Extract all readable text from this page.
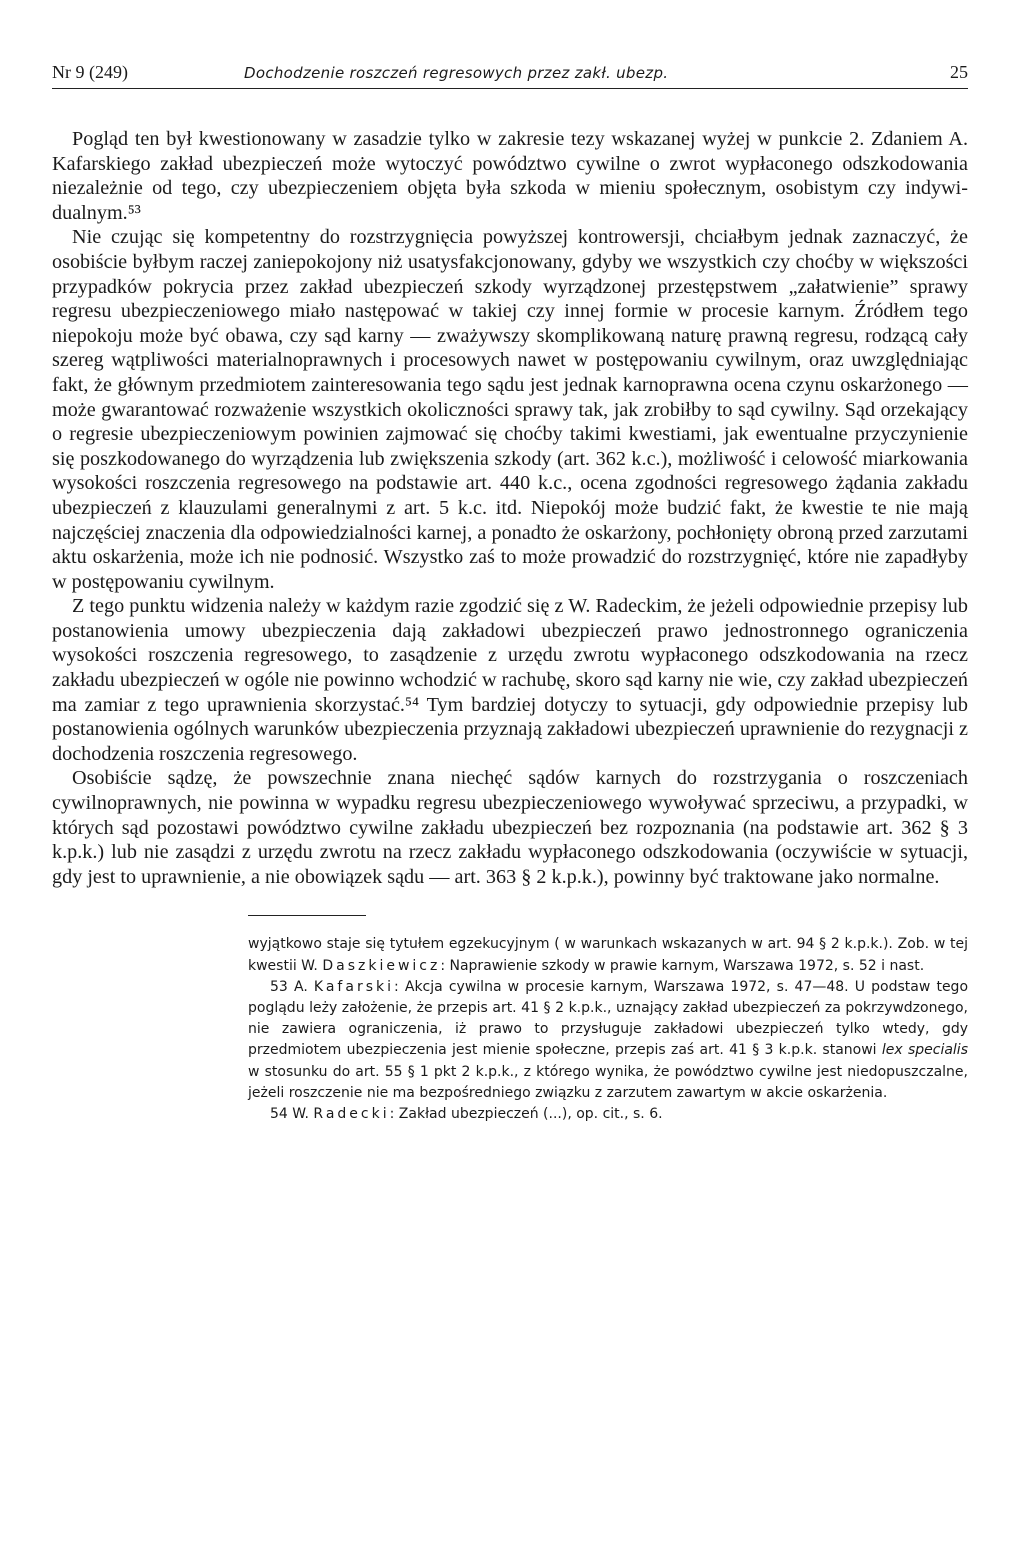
Nr 9 (249)	Dochodzenie roszczeń regresowych przez zakł. ubezp.	25

Pogląd ten był kwestionowany w zasadzie tylko w zakresie tezy wskazanej wyżej w punkcie 2. Zdaniem A. Kafarskiego zakład ubezpieczeń może wytoczyć powództwo cywilne o zwrot wypłaconego odszkodowania niezależnie od tego, czy ubezpieczeniem objęta była szkoda w mieniu społecznym, osobistym czy indywidualnym.⁵³

Nie czując się kompetentny do rozstrzygnięcia powyższej kontrowersji, chciałbym jednak zaznaczyć, że osobiście byłbym raczej zaniepokojony niż usatysfakcjonowany, gdyby we wszystkich czy choćby w większości przypadków pokrycia przez zakład ubezpieczeń szkody wyrządzonej przestępstwem „załatwienie” sprawy regresu ubezpieczeniowego miało następować w takiej czy innej formie w procesie karnym. Źródłem tego niepokoju może być obawa, czy sąd karny — zważywszy skomplikowaną naturę prawną regresu, rodzącą cały szereg wątpliwości materialnoprawnych i procesowych nawet w postępowaniu cywilnym, oraz uwzględniając fakt, że głównym przedmiotem zainteresowania tego sądu jest jednak karnoprawna ocena czynu oskarżonego — może gwarantować rozważenie wszystkich okoliczności sprawy tak, jak zrobiłby to sąd cywilny. Sąd orzekający o regresie ubezpieczeniowym powinien zajmować się choćby takimi kwestiami, jak ewentualne przyczynienie się poszkodowanego do wyrządzenia lub zwiększenia szkody (art. 362 k.c.), możliwość i celowość miarkowania wysokości roszczenia regresowego na podstawie art. 440 k.c., ocena zgodności regresowego żądania zakładu ubezpieczeń z klauzulami generalnymi z art. 5 k.c. itd. Niepokój może budzić fakt, że kwestie te nie mają najczęściej znaczenia dla odpowiedzialności karnej, a ponadto że oskarżony, pochłonięty obroną przed zarzutami aktu oskarżenia, może ich nie podnosić. Wszystko zaś to może prowadzić do rozstrzygnięć, które nie zapadłyby w postępowaniu cywilnym.

Z tego punktu widzenia należy w każdym razie zgodzić się z W. Radeckim, że jeżeli odpowiednie przepisy lub postanowienia umowy ubezpieczenia dają zakładowi ubezpieczeń prawo jednostronnego ograniczenia wysokości roszczenia regresowego, to zasądzenie z urzędu zwrotu wypłaconego odszkodowania na rzecz zakładu ubezpieczeń w ogóle nie powinno wchodzić w rachubę, skoro sąd karny nie wie, czy zakład ubezpieczeń ma zamiar z tego uprawnienia skorzystać.⁵⁴ Tym bardziej dotyczy to sytuacji, gdy odpowiednie przepisy lub postanowienia ogólnych warunków ubezpieczenia przyznają zakładowi ubezpieczeń uprawnienie do rezygnacji z dochodzenia roszczenia regresowego.

Osobiście sądzę, że powszechnie znana niechęć sądów karnych do rozstrzygania o roszczeniach cywilnoprawnych, nie powinna w wypadku regresu ubezpieczeniowego wywoływać sprzeciwu, a przypadki, w których sąd pozostawi powództwo cywilne zakładu ubezpieczeń bez rozpoznania (na podstawie art. 362 § 3 k.p.k.) lub nie zasądzi z urzędu zwrotu na rzecz zakładu wypłaconego odszkodowania (oczywiście w sytuacji, gdy jest to uprawnienie, a nie obowiązek sądu — art. 363 § 2 k.p.k.), powinny być traktowane jako normalne.

wyjątkowo staje się tytułem egzekucyjnym ( w warunkach wskazanych w art. 94 § 2 k.p.k.). Zob. w tej kwestii W. Daszkiewicz: Naprawienie szkody w prawie karnym, Warszawa 1972, s. 52 i nast.

53 A. Kafarski: Akcja cywilna w procesie karnym, Warszawa 1972, s. 47—48. U podstaw tego poglądu leży założenie, że przepis art. 41 § 2 k.p.k., uznający zakład ubezpieczeń za pokrzywdzonego, nie zawiera ograniczenia, iż prawo to przysługuje zakładowi ubezpieczeń tylko wtedy, gdy przedmiotem ubezpieczenia jest mienie społeczne, przepis zaś art. 41 § 3 k.p.k. stanowi lex specialis w stosunku do art. 55 § 1 pkt 2 k.p.k., z którego wynika, że powództwo cywilne jest niedopuszczalne, jeżeli roszczenie nie ma bezpośredniego związku z zarzutem zawartym w akcie oskarżenia.

54 W. Radecki: Zakład ubezpieczeń (...), op. cit., s. 6.
